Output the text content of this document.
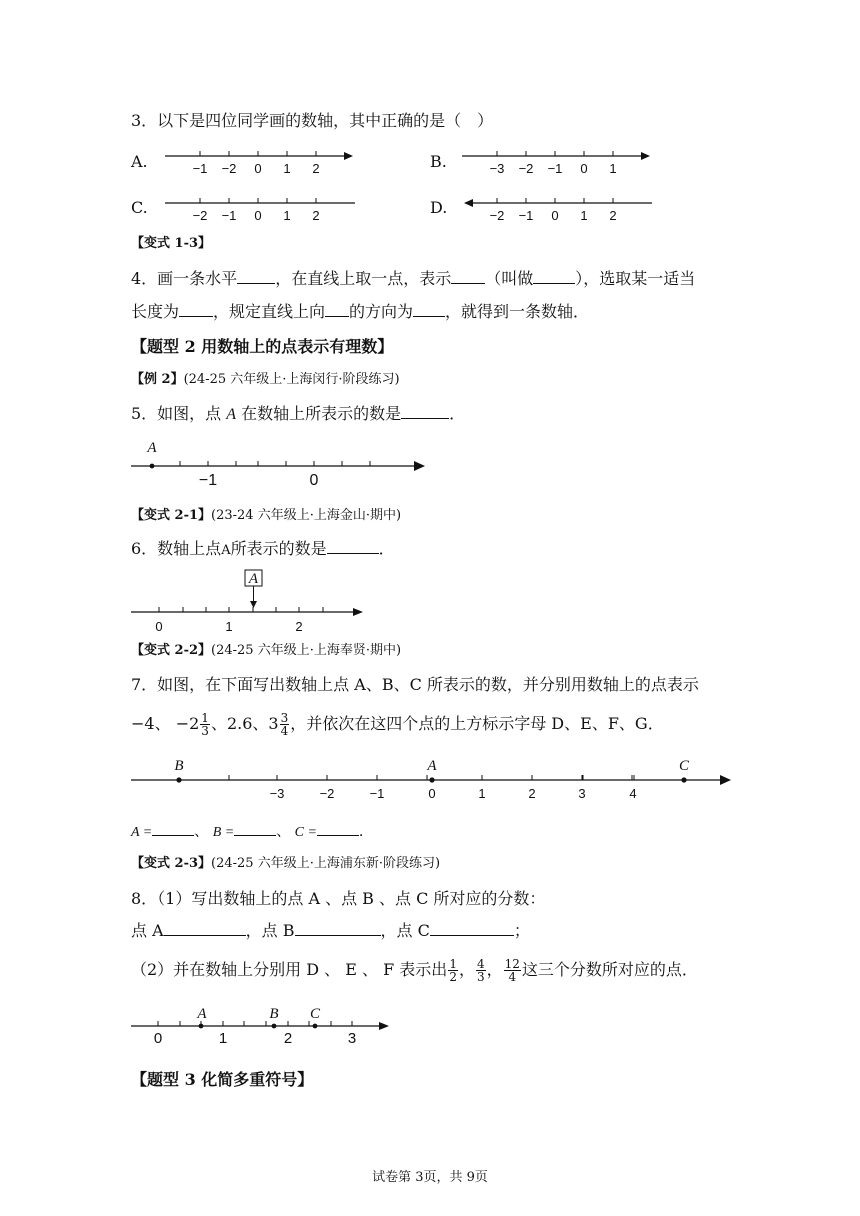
3．以下是四位同学画的数轴，其中正确的是（　）
A.	−1 −2 0 1 2	B.	−3 −2 −1 0 1
C.	−2 −1 0 1 2	D.	−2 −1 0 1 2
【变式 1-3】
4．画一条水平 ，在直线上取一点，表示 （叫做	），选取某一适当
长度为 ，规定直线上向 的方向为 ，就得到一条数轴．
【题型 2 用数轴上的点表示有理数】
【例 2】(24-25 六年级上·上海闵行·阶段练习)
5．如图，点 A 在数轴上所表示的数是	．
A
−1	0
【变式 2-1】(23-24 六年级上·上海金山·期中)
6．数轴上点A所表示的数是	．
A
0	1	2
【变式 2-2】(24-25 六年级上·上海奉贤·期中)
7．如图，在下面写出数轴上点 A、B、C 所表示的数，并分别用数轴上的点表示
−4、 $-2 \frac{1}{3}$ 、2.6、$3 \frac{3}{4}$ ，并依次在这四个点的上方标示字母 D、E、F、G．
B	A	C
−3	−2	−1	0	1	2	3	4
A =	、 B =	、 C =	．
【变式 2-3】(24-25 六年级上·上海浦东新·阶段练习)
8．（1）写出数轴上的点 A 、点 B 、点 C 所对应的分数：
点 A	，点 B	，点 C	；
（2）并在数轴上分别用 D 、 E 、 F 表示出 $\frac{1}{2}$ ， $\frac{4}{3}$ ， $\frac{12}{4}$ 这三个分数所对应的点．
A	B C
0	1	2	3
【题型 3 化简多重符号】
试卷第 3页，共 9页
